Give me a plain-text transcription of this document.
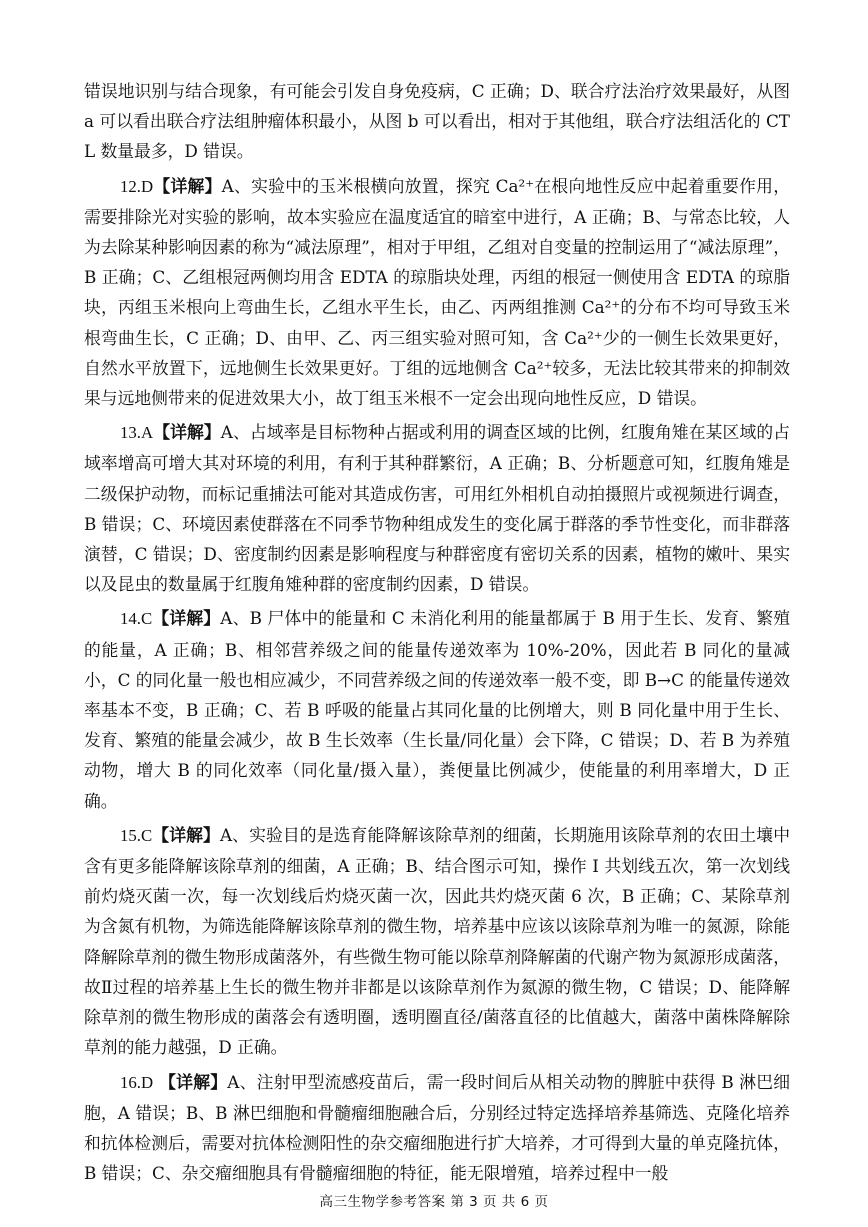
错误地识别与结合现象，有可能会引发自身免疫病，C 正确；D、联合疗法治疗效果最好，从图 a 可以看出联合疗法组肿瘤体积最小，从图 b 可以看出，相对于其他组，联合疗法组活化的 CTL 数量最多，D 错误。

12.D【详解】A、实验中的玉米根横向放置，探究 Ca²⁺在根向地性反应中起着重要作用，需要排除光对实验的影响，故本实验应在温度适宜的暗室中进行，A 正确；B、与常态比较，人为去除某种影响因素的称为“减法原理”，相对于甲组，乙组对自变量的控制运用了“减法原理”，B 正确；C、乙组根冠两侧均用含 EDTA 的琼脂块处理，丙组的根冠一侧使用含 EDTA 的琼脂块，丙组玉米根向上弯曲生长，乙组水平生长，由乙、丙两组推测 Ca²⁺的分布不均可导致玉米根弯曲生长，C 正确；D、由甲、乙、丙三组实验对照可知，含 Ca²⁺少的一侧生长效果更好，自然水平放置下，远地侧生长效果更好。丁组的远地侧含 Ca²⁺较多，无法比较其带来的抑制效果与远地侧带来的促进效果大小，故丁组玉米根不一定会出现向地性反应，D 错误。

13.A【详解】A、占域率是目标物种占据或利用的调查区域的比例，红腹角雉在某区域的占域率增高可增大其对环境的利用，有利于其种群繁衍，A 正确；B、分析题意可知，红腹角雉是二级保护动物，而标记重捕法可能对其造成伤害，可用红外相机自动拍摄照片或视频进行调查，B 错误；C、环境因素使群落在不同季节物种组成发生的变化属于群落的季节性变化，而非群落演替，C 错误；D、密度制约因素是影响程度与种群密度有密切关系的因素，植物的嫩叶、果实以及昆虫的数量属于红腹角雉种群的密度制约因素，D 错误。

14.C【详解】A、B 尸体中的能量和 C 未消化利用的能量都属于 B 用于生长、发育、繁殖的能量，A 正确；B、相邻营养级之间的能量传递效率为 10%-20%，因此若 B 同化的量减小，C 的同化量一般也相应减少，不同营养级之间的传递效率一般不变，即 B→C 的能量传递效率基本不变，B 正确；C、若 B 呼吸的能量占其同化量的比例增大，则 B 同化量中用于生长、发育、繁殖的能量会减少，故 B 生长效率（生长量/同化量）会下降，C 错误；D、若 B 为养殖动物，增大 B 的同化效率（同化量/摄入量），粪便量比例减少，使能量的利用率增大，D 正确。

15.C【详解】A、实验目的是选育能降解该除草剂的细菌，长期施用该除草剂的农田土壤中含有更多能降解该除草剂的细菌，A 正确；B、结合图示可知，操作 I 共划线五次，第一次划线前灼烧灭菌一次，每一次划线后灼烧灭菌一次，因此共灼烧灭菌 6 次，B 正确；C、某除草剂为含氮有机物，为筛选能降解该除草剂的微生物，培养基中应该以该除草剂为唯一的氮源，除能降解除草剂的微生物形成菌落外，有些微生物可能以除草剂降解菌的代谢产物为氮源形成菌落，故Ⅱ过程的培养基上生长的微生物并非都是以该除草剂作为氮源的微生物，C 错误；D、能降解除草剂的微生物形成的菌落会有透明圈，透明圈直径/菌落直径的比值越大，菌落中菌株降解除草剂的能力越强，D 正确。

16.D 【详解】A、注射甲型流感疫苗后，需一段时间后从相关动物的脾脏中获得 B 淋巴细胞，A 错误；B、B 淋巴细胞和骨髓瘤细胞融合后，分别经过特定选择培养基筛选、克隆化培养和抗体检测后，需要对抗体检测阳性的杂交瘤细胞进行扩大培养，才可得到大量的单克隆抗体，B 错误；C、杂交瘤细胞具有骨髓瘤细胞的特征，能无限增殖，培养过程中一般

高三生物学参考答案 第 3 页 共 6 页
